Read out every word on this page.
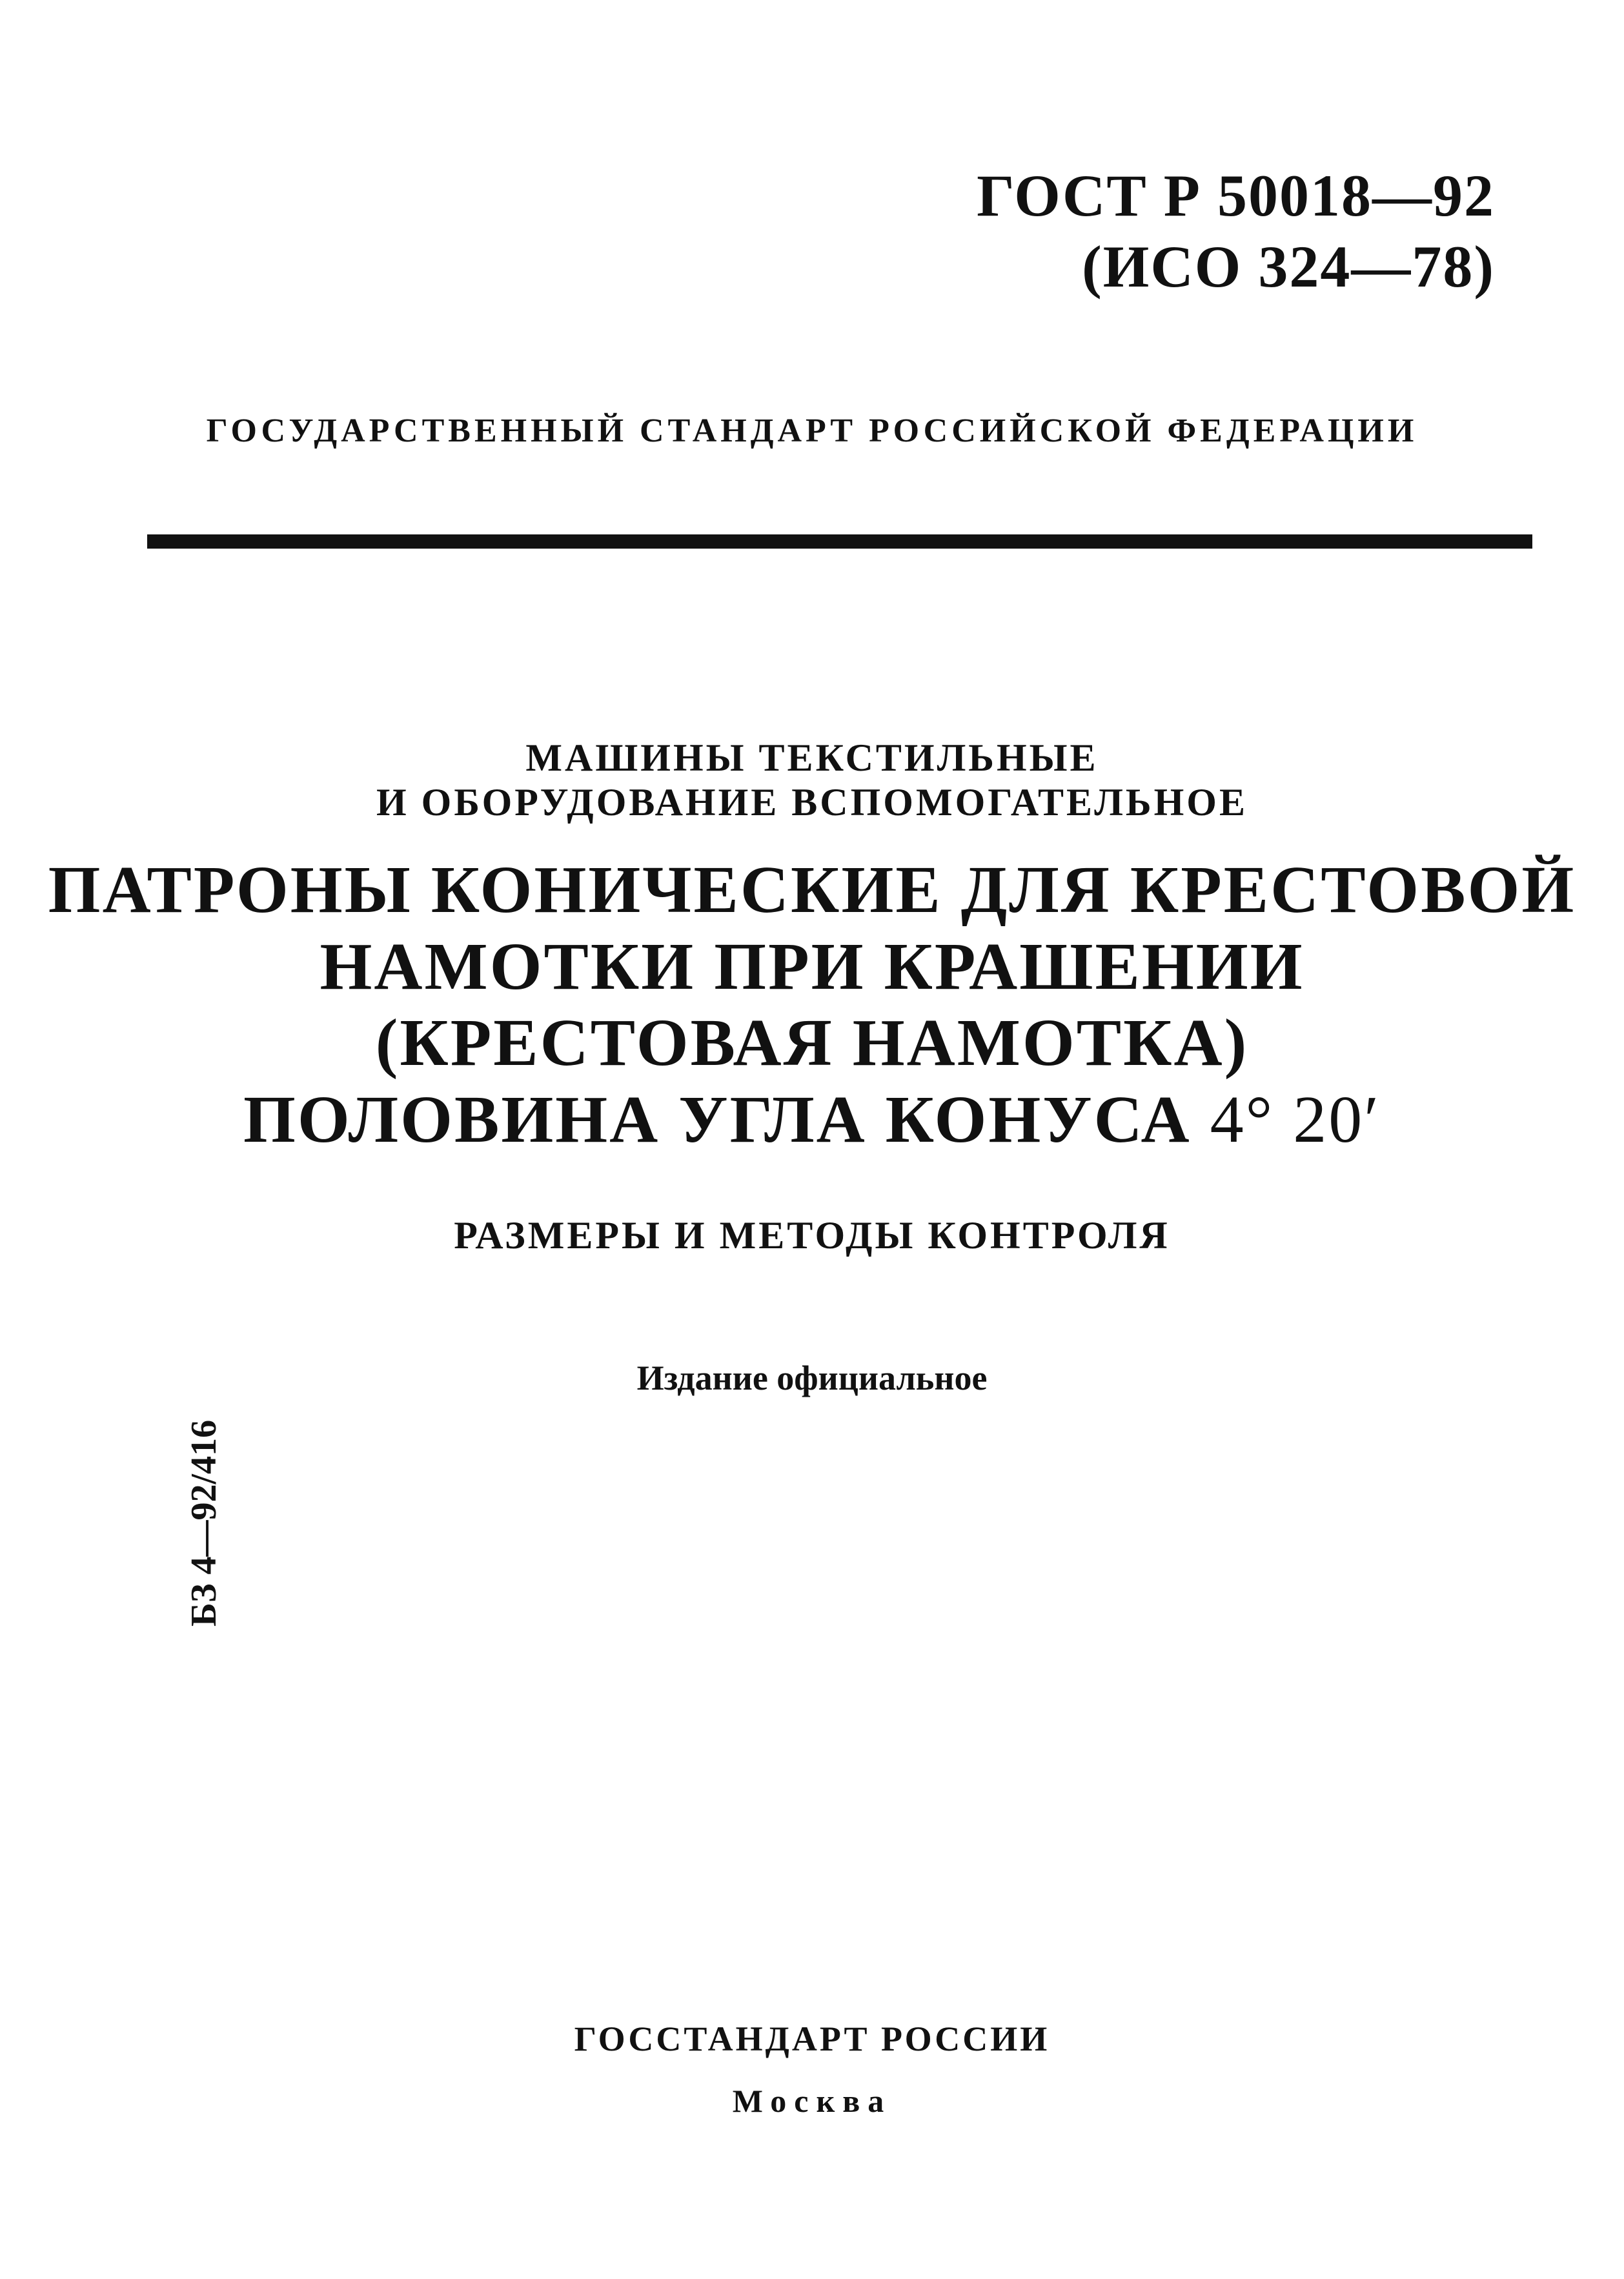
ГОСТ Р 50018—92
(ИСО 324—78)
ГОСУДАРСТВЕННЫЙ СТАНДАРТ РОССИЙСКОЙ ФЕДЕРАЦИИ
МАШИНЫ ТЕКСТИЛЬНЫЕ
И ОБОРУДОВАНИЕ ВСПОМОГАТЕЛЬНОЕ
ПАТРОНЫ КОНИЧЕСКИЕ ДЛЯ КРЕСТОВОЙ
НАМОТКИ ПРИ КРАШЕНИИ
(КРЕСТОВАЯ НАМОТКА)
ПОЛОВИНА УГЛА КОНУСА 4° 20′
РАЗМЕРЫ И МЕТОДЫ КОНТРОЛЯ
Издание официальное
БЗ 4—92/416
ГОССТАНДАРТ РОССИИ
Москва
